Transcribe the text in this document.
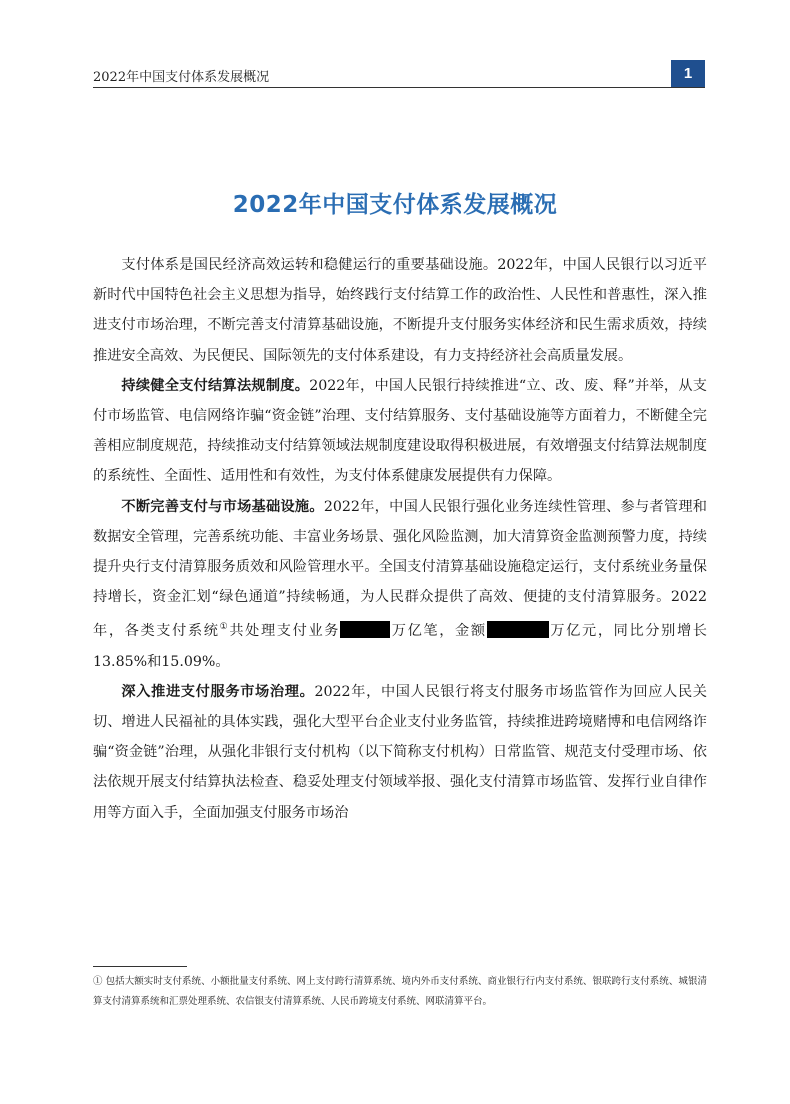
2022年中国支付体系发展概况	1
2022年中国支付体系发展概况

支付体系是国民经济高效运转和稳健运行的重要基础设施。2022年，中国人民银行以习近平新时代中国特色社会主义思想为指导，始终践行支付结算工作的政治性、人民性和普惠性，深入推进支付市场治理，不断完善支付清算基础设施，不断提升支付服务实体经济和民生需求质效，持续推进安全高效、为民便民、国际领先的支付体系建设，有力支持经济社会高质量发展。

持续健全支付结算法规制度。2022年，中国人民银行持续推进“立、改、废、释”并举，从支付市场监管、电信网络诈骗“资金链”治理、支付结算服务、支付基础设施等方面着力，不断健全完善相应制度规范，持续推动支付结算领域法规制度建设取得积极进展，有效增强支付结算法规制度的系统性、全面性、适用性和有效性，为支付体系健康发展提供有力保障。

不断完善支付与市场基础设施。2022年，中国人民银行强化业务连续性管理、参与者管理和数据安全管理，完善系统功能、丰富业务场景、强化风险监测，加大清算资金监测预警力度，持续提升央行支付清算服务质效和风险管理水平。全国支付清算基础设施稳定运行，支付系统业务量保持增长，资金汇划“绿色通道”持续畅通，为人民群众提供了高效、便捷的支付清算服务。2022年，各类支付系统①共处理支付业务	万亿笔，金额	万亿元，同比分别增长13.85%和15.09%。

深入推进支付服务市场治理。2022年，中国人民银行将支付服务市场监管作为回应人民关切、增进人民福祉的具体实践，强化大型平台企业支付业务监管，持续推进跨境赌博和电信网络诈骗“资金链”治理，从强化非银行支付机构（以下简称支付机构）日常监管、规范支付受理市场、依法依规开展支付结算执法检查、稳妥处理支付领域举报、强化支付清算市场监管、发挥行业自律作用等方面入手，全面加强支付服务市场治

① 包括大额实时支付系统、小额批量支付系统、网上支付跨行清算系统、境内外币支付系统、商业银行行内支付系统、银联跨行支付系统、城银清算支付清算系统和汇票处理系统、农信银支付清算系统、人民币跨境支付系统、网联清算平台。
